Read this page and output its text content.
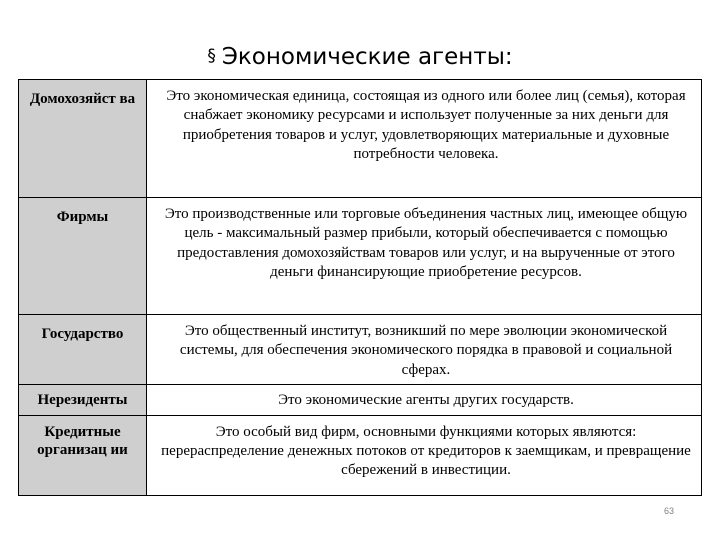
§ Экономические агенты:
Домохозяйст ва	Это экономическая единица, состоящая из одного или более лиц (семья), которая снабжает экономику ресурсами и использует полученные за них деньги для приобретения товаров и услуг, удовлетворяющих материальные и духовные потребности человека.
Фирмы	Это производственные или торговые объединения частных лиц, имеющее общую цель - максимальный размер прибыли, который обеспечивается с помощью предоставления домохозяйствам товаров или услуг, и на вырученные от этого деньги финансирующие приобретение ресурсов.
Государство	Это общественный институт, возникший по мере эволюции экономической системы, для обеспечения экономического порядка в правовой и социальной сферах.
Нерезиденты	Это экономические агенты других государств.
Кредитные организац ии	Это особый вид фирм, основными функциями которых являются: перераспределение денежных потоков от кредиторов к заемщикам, и превращение сбережений в инвестиции.
63
